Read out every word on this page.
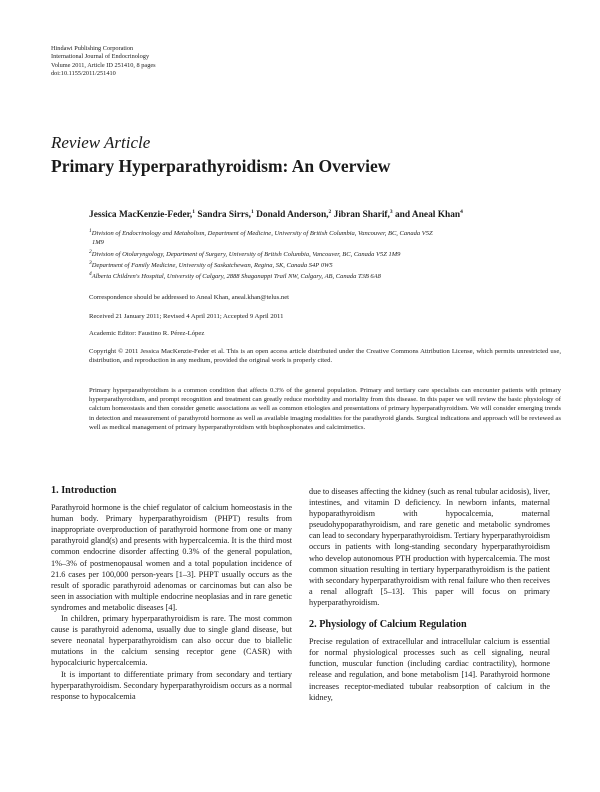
Hindawi Publishing Corporation
International Journal of Endocrinology
Volume 2011, Article ID 251410, 8 pages
doi:10.1155/2011/251410
Review Article
Primary Hyperparathyroidism: An Overview
Jessica MacKenzie-Feder,$^1$ Sandra Sirrs,$^1$ Donald Anderson,$^2$ Jibran Sharif,$^3$ and Aneal Khan$^4$

$^1$Division of Endocrinology and Metabolism, Department of Medicine, University of British Columbia, Vancouver, BC, Canada V5Z
1M9

$^2$Division of Otolaryngology, Department of Surgery, University of British Columbia, Vancouver, BC, Canada V5Z 1M9

$^3$Department of Family Medicine, University of Saskatchewan, Regina, SK, Canada S4P 0W5

$^4$Alberta Children's Hospital, University of Calgary, 2888 Shaganappi Trail NW, Calgary, AB, Canada T3B 6A8

Correspondence should be addressed to Aneal Khan, aneal.khan@telus.net
Received 21 January 2011; Revised 4 April 2011; Accepted 9 April 2011
Academic Editor: Faustino R. Pérez-López
Copyright © 2011 Jessica MacKenzie-Feder et al. This is an open access article distributed under the Creative Commons Attribution License, which permits unrestricted use, distribution, and reproduction in any medium, provided the original work is properly cited.
Primary hyperparathyroidism is a common condition that affects 0.3% of the general population. Primary and tertiary care specialists can encounter patients with primary hyperparathyroidism, and prompt recognition and treatment can greatly reduce morbidity and mortality from this disease. In this paper we will review the basic physiology of calcium homeostasis and then consider genetic associations as well as common etiologies and presentations of primary hyperparathyroidism. We will consider emerging trends in detection and measurement of parathyroid hormone as well as available imaging modalities for the parathyroid glands. Surgical indications and approach will be reviewed as well as medical management of primary hyperparathyroidism with bisphosphonates and calcimimetics.

1. Introduction

Parathyroid hormone is the chief regulator of calcium homeostasis in the human body. Primary hyperparathyroidism (PHPT) results from inappropriate overproduction of parathyroid hormone from one or many parathyroid gland(s) and presents with hypercalcemia. It is the third most common endocrine disorder affecting 0.3% of the general population, 1%–3% of postmenopausal women and a total population incidence of 21.6 cases per 100,000 person-years [1–3]. PHPT usually occurs as the result of sporadic parathyroid adenomas or carcinomas but can also be seen in association with multiple endocrine neoplasias and in rare genetic syndromes and metabolic diseases [4].

In children, primary hyperparathyroidism is rare. The most common cause is parathyroid adenoma, usually due to single gland disease, but severe neonatal hyperparathyroidism can also occur due to biallelic mutations in the calcium sensing receptor gene (CASR) with hypocalciuric hypercalcemia.

It is important to differentiate primary from secondary and tertiary hyperparathyroidism. Secondary hyperparathyroidism occurs as a normal response to hypocalcemia

due to diseases affecting the kidney (such as renal tubular acidosis), liver, intestines, and vitamin D deficiency. In newborn infants, maternal hypoparathyroidism with hypocalcemia, maternal pseudohypoparathyroidism, and rare genetic and metabolic syndromes can lead to secondary hyperparathyroidism. Tertiary hyperparathyroidism occurs in patients with long-standing secondary hyperparathyroidism who develop autonomous PTH production with hypercalcemia. The most common situation resulting in tertiary hyperparathyroidism is the patient with secondary hyperparathyroidism with renal failure who then receives a renal allograft [5–13]. This paper will focus on primary hyperparathyroidism.

2. Physiology of Calcium Regulation

Precise regulation of extracellular and intracellular calcium is essential for normal physiological processes such as cell signaling, neural function, muscular function (including cardiac contractility), hormone release and regulation, and bone metabolism [14]. Parathyroid hormone increases receptor-mediated tubular reabsorption of calcium in the kidney,
